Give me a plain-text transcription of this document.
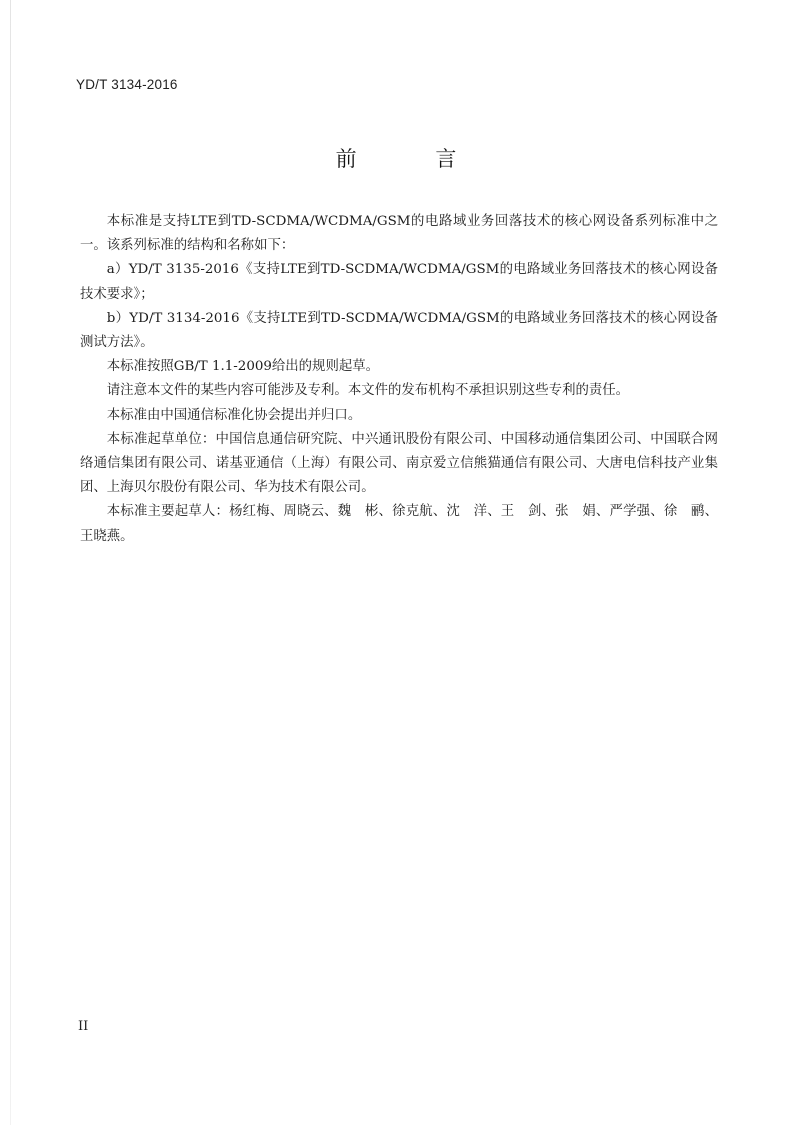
YD/T 3134-2016
前 言

本标准是支持LTE到TD-SCDMA/WCDMA/GSM的电路域业务回落技术的核心网设备系列标准中之一。该系列标准的结构和名称如下：

a）YD/T 3135-2016《支持LTE到TD-SCDMA/WCDMA/GSM的电路域业务回落技术的核心网设备技术要求》；

b）YD/T 3134-2016《支持LTE到TD-SCDMA/WCDMA/GSM的电路域业务回落技术的核心网设备测试方法》。

本标准按照GB/T 1.1-2009给出的规则起草。

请注意本文件的某些内容可能涉及专利。本文件的发布机构不承担识别这些专利的责任。

本标准由中国通信标准化协会提出并归口。

本标准起草单位：中国信息通信研究院、中兴通讯股份有限公司、中国移动通信集团公司、中国联合网络通信集团有限公司、诺基亚通信（上海）有限公司、南京爱立信熊猫通信有限公司、大唐电信科技产业集团、上海贝尔股份有限公司、华为技术有限公司。

本标准主要起草人：杨红梅、周晓云、魏　彬、徐克航、沈　洋、王　剑、张　娟、严学强、徐　鹂、王晓燕。

II
